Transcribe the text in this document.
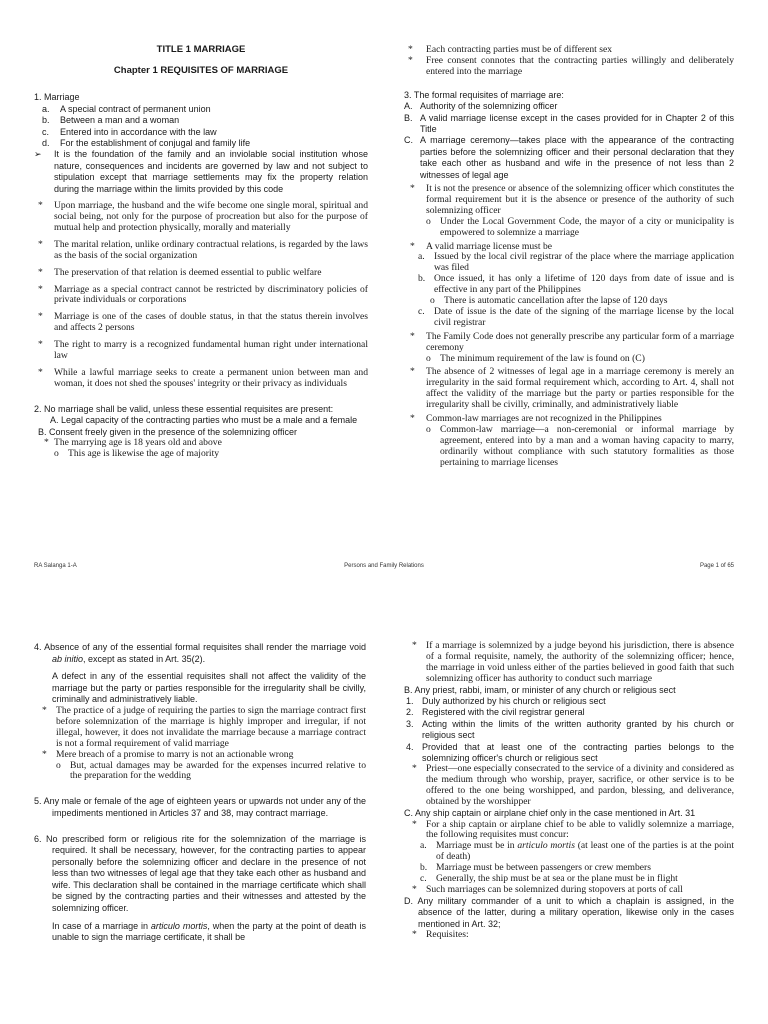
TITLE 1 MARRIAGE
Chapter 1 REQUISITES OF MARRIAGE
1. Marriage
a. A special contract of permanent union
b. Between a man and a woman
c. Entered into in accordance with the law
d. For the establishment of conjugal and family life
➢ It is the foundation of the family and an inviolable social institution whose nature, consequences and incidents are governed by law and not subject to stipulation except that marriage settlements may fix the property relation during the marriage within the limits provided by this code
* Upon marriage, the husband and the wife become one single moral, spiritual and social being, not only for the purpose of procreation but also for the purpose of mutual help and protection physically, morally and materially
* The marital relation, unlike ordinary contractual relations, is regarded by the laws as the basis of the social organization
* The preservation of that relation is deemed essential to public welfare
* Marriage as a special contract cannot be restricted by discriminatory policies of private individuals or corporations
* Marriage is one of the cases of double status, in that the status therein involves and affects 2 persons
* The right to marry is a recognized fundamental human right under international law
* While a lawful marriage seeks to create a permanent union between man and woman, it does not shed the spouses' integrity or their privacy as individuals
2. No marriage shall be valid, unless these essential requisites are present:
A. Legal capacity of the contracting parties who must be a male and a female
B. Consent freely given in the presence of the solemnizing officer
* The marrying age is 18 years old and above
o This age is likewise the age of majority
* Each contracting parties must be of different sex
* Free consent connotes that the contracting parties willingly and deliberately entered into the marriage
3. The formal requisites of marriage are:
A. Authority of the solemnizing officer
B. A valid marriage license except in the cases provided for in Chapter 2 of this Title
C. A marriage ceremony—takes place with the appearance of the contracting parties before the solemnizing officer and their personal declaration that they take each other as husband and wife in the presence of not less than 2 witnesses of legal age
* It is not the presence or absence of the solemnizing officer which constitutes the formal requirement but it is the absence or presence of the authority of such solemnizing officer
o Under the Local Government Code, the mayor of a city or municipality is empowered to solemnize a marriage
* A valid marriage license must be
a. Issued by the local civil registrar of the place where the marriage application was filed
b. Once issued, it has only a lifetime of 120 days from date of issue and is effective in any part of the Philippines
o There is automatic cancellation after the lapse of 120 days
c. Date of issue is the date of the signing of the marriage license by the local civil registrar
* The Family Code does not generally prescribe any particular form of a marriage ceremony
o The minimum requirement of the law is found on (C)
* The absence of 2 witnesses of legal age in a marriage ceremony is merely an irregularity in the said formal requirement which, according to Art. 4, shall not affect the validity of the marriage but the party or parties responsible for the irregularity shall be civilly, criminally, and administratively liable
* Common-law marriages are not recognized in the Philippines
o Common-law marriage—a non-ceremonial or informal marriage by agreement, entered into by a man and a woman having capacity to marry, ordinarily without compliance with such statutory formalities as those pertaining to marriage licenses
RA Salanga 1-A	Persons and Family Relations	Page 1 of 65
4. Absence of any of the essential formal requisites shall render the marriage void ab initio, except as stated in Art. 35(2).
A defect in any of the essential requisites shall not affect the validity of the marriage but the party or parties responsible for the irregularity shall be civilly, criminally and administratively liable.
* The practice of a judge of requiring the parties to sign the marriage contract first before solemnization of the marriage is highly improper and irregular, if not illegal, however, it does not invalidate the marriage because a marriage contract is not a formal requirement of valid marriage
* Mere breach of a promise to marry is not an actionable wrong
o But, actual damages may be awarded for the expenses incurred relative to the preparation for the wedding
5. Any male or female of the age of eighteen years or upwards not under any of the impediments mentioned in Articles 37 and 38, may contract marriage.
6. No prescribed form or religious rite for the solemnization of the marriage is required. It shall be necessary, however, for the contracting parties to appear personally before the solemnizing officer and declare in the presence of not less than two witnesses of legal age that they take each other as husband and wife. This declaration shall be contained in the marriage certificate which shall be signed by the contracting parties and their witnesses and attested by the solemnizing officer.
In case of a marriage in articulo mortis, when the party at the point of death is unable to sign the marriage certificate, it shall be
* If a marriage is solemnized by a judge beyond his jurisdiction, there is absence of a formal requisite, namely, the authority of the solemnizing officer; hence, the marriage in void unless either of the parties believed in good faith that such solemnizing officer has authority to conduct such marriage
B. Any priest, rabbi, imam, or minister of any church or religious sect
1. Duly authorized by his church or religious sect
2. Registered with the civil registrar general
3. Acting within the limits of the written authority granted by his church or religious sect
4. Provided that at least one of the contracting parties belongs to the solemnizing officer's church or religious sect
* Priest—one especially consecrated to the service of a divinity and considered as the medium through who worship, prayer, sacrifice, or other service is to be offered to the one being worshipped, and pardon, blessing, and deliverance, obtained by the worshipper
C. Any ship captain or airplane chief only in the case mentioned in Art. 31
* For a ship captain or airplane chief to be able to validly solemnize a marriage, the following requisites must concur:
a. Marriage must be in articulo mortis (at least one of the parties is at the point of death)
b. Marriage must be between passengers or crew members
c. Generally, the ship must be at sea or the plane must be in flight
* Such marriages can be solemnized during stopovers at ports of call
D. Any military commander of a unit to which a chaplain is assigned, in the absence of the latter, during a military operation, likewise only in the cases mentioned in Art. 32;
* Requisites:
